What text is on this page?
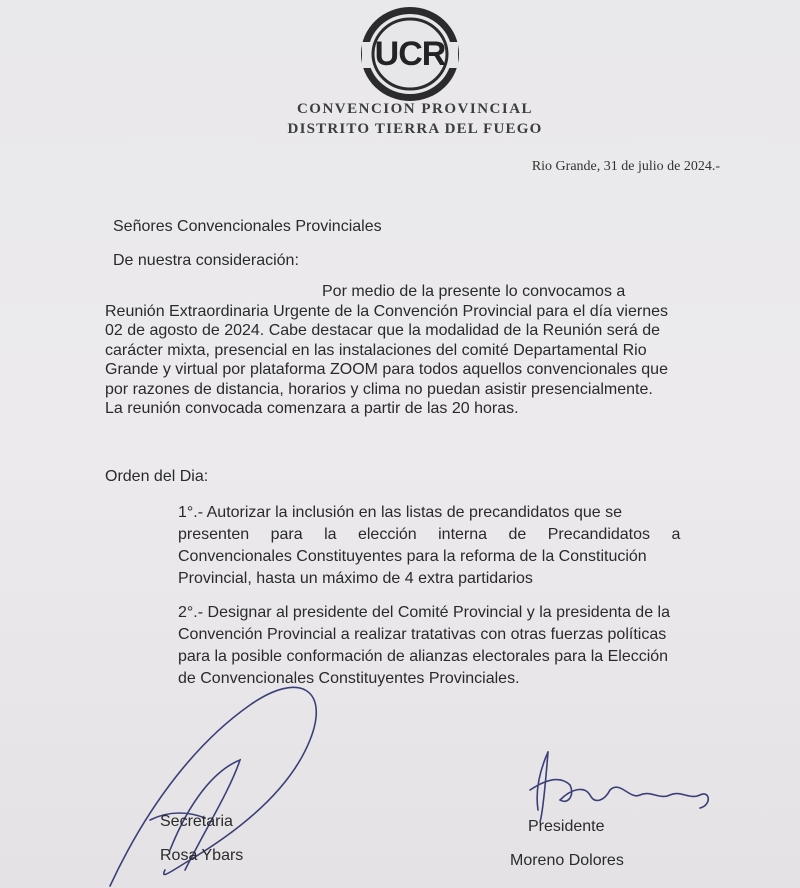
UCR
CONVENCION PROVINCIAL
DISTRITO TIERRA DEL FUEGO
Rio Grande, 31 de julio de 2024.-
Señores Convencionales Provinciales
De nuestra consideración:
Por medio de la presente lo convocamos a
Reunión Extraordinaria Urgente de la Convención Provincial para el día viernes
02 de agosto de 2024. Cabe destacar que la modalidad de la Reunión será de
carácter mixta, presencial en las instalaciones del comité Departamental Rio
Grande y virtual por plataforma ZOOM para todos aquellos convencionales que
por razones de distancia, horarios y clima no puedan asistir presencialmente.
La reunión convocada comenzara a partir de las 20 horas.
Orden del Dia:
1°.- Autorizar la inclusión en las listas de precandidatos que se
presenten para la elección interna de Precandidatos a
Convencionales Constituyentes para la reforma de la Constitución
Provincial, hasta un máximo de 4 extra partidarios
2°.- Designar al presidente del Comité Provincial y la presidenta de la
Convención Provincial a realizar tratativas con otras fuerzas políticas
para la posible conformación de alianzas electorales para la Elección
de Convencionales Constituyentes Provinciales.
Secretaria
Rosa Ybars
Presidente
Moreno Dolores
